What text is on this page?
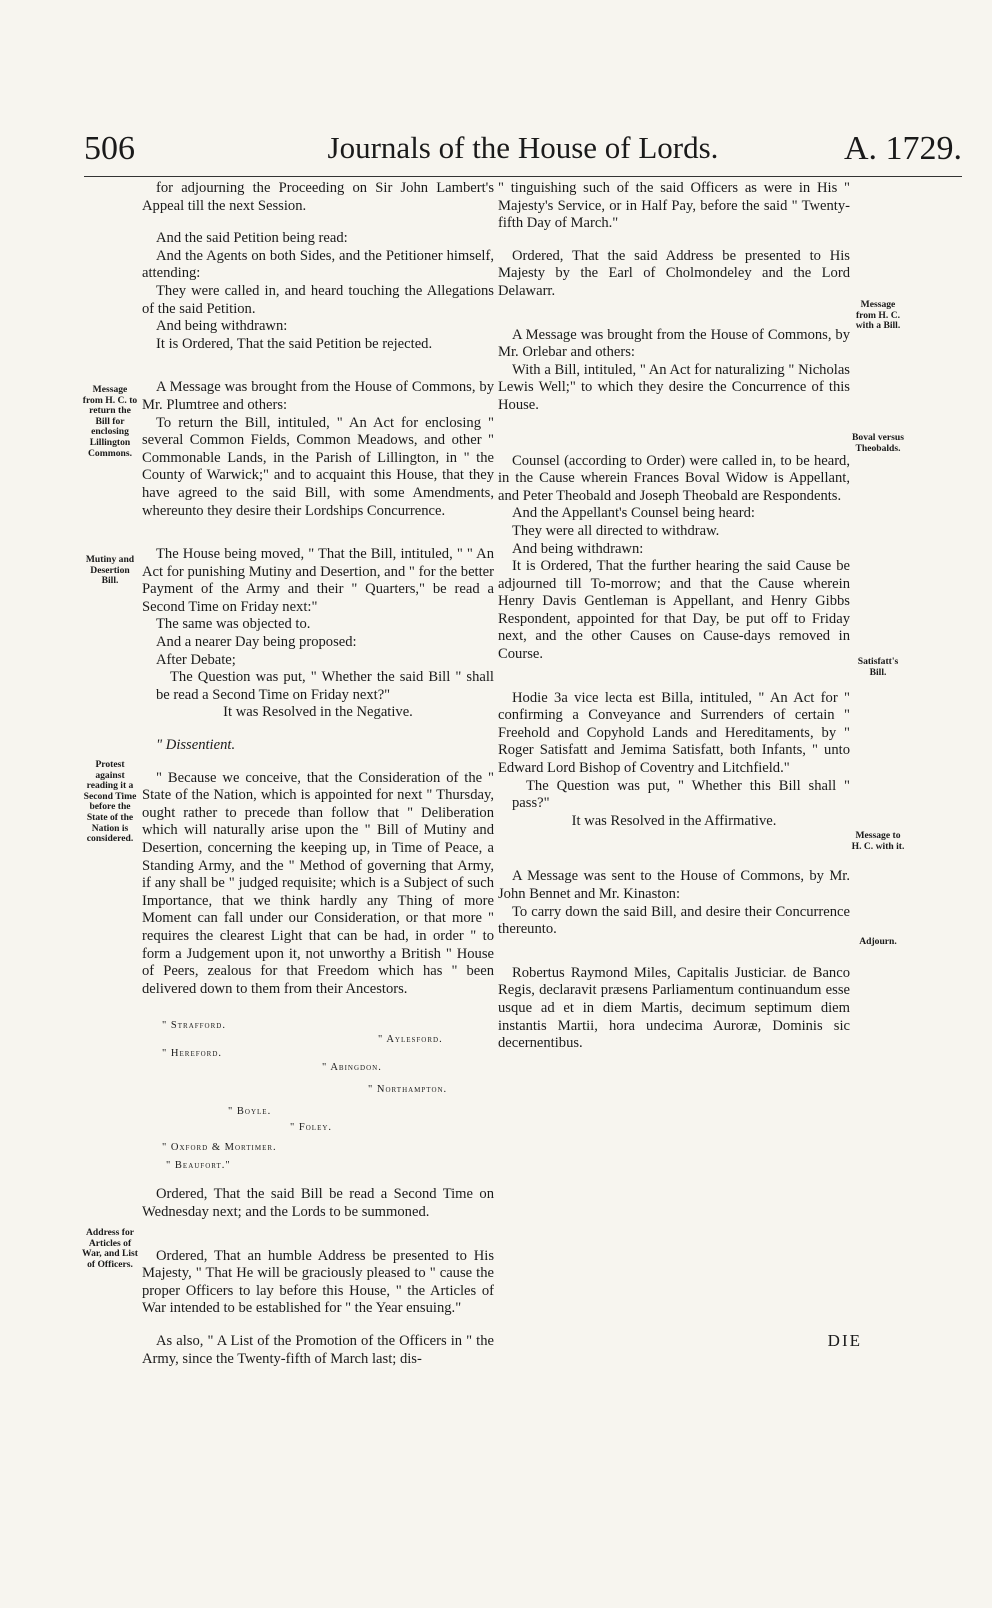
506	Journals of the House of Lords.	A. 1729.
Message from H. C. to return the Bill for enclosing Lillington Commons.
Mutiny and Desertion Bill.
Protest against reading it a Second Time before the State of the Nation is considered.
Address for Articles of War, and List of Officers.
Message from H. C. with a Bill.
Boval versus Theobalds.
Satisfatt's Bill.
Message to H. C. with it.
Adjourn.

for adjourning the Proceeding on Sir John Lambert's Appeal till the next Session.

And the said Petition being read:

And the Agents on both Sides, and the Petitioner himself, attending:

They were called in, and heard touching the Allegations of the said Petition.

And being withdrawn:

It is Ordered, That the said Petition be rejected.

A Message was brought from the House of Commons, by Mr. Plumtree and others:

To return the Bill, intituled, " An Act for enclosing " several Common Fields, Common Meadows, and other " Commonable Lands, in the Parish of Lillington, in " the County of Warwick;" and to acquaint this House, that they have agreed to the said Bill, with some Amendments, whereunto they desire their Lordships Concurrence.

The House being moved, " That the Bill, intituled, " " An Act for punishing Mutiny and Desertion, and " for the better Payment of the Army and their " Quarters," be read a Second Time on Friday next:"

The same was objected to.

And a nearer Day being proposed:

After Debate;

The Question was put, " Whether the said Bill " shall be read a Second Time on Friday next?"

It was Resolved in the Negative.

" Dissentient.

" Because we conceive, that the Consideration of the " State of the Nation, which is appointed for next " Thursday, ought rather to precede than follow that " Deliberation which will naturally arise upon the " Bill of Mutiny and Desertion, concerning the keeping up, in Time of Peace, a Standing Army, and the " Method of governing that Army, if any shall be " judged requisite; which is a Subject of such Importance, that we think hardly any Thing of more Moment can fall under our Consideration, or that more " requires the clearest Light that can be had, in order " to form a Judgement upon it, not unworthy a British " House of Peers, zealous for that Freedom which has " been delivered down to them from their Ancestors.

" Strafford.
" Aylesford.
" Hereford.
" Abingdon.
" Northampton.
" Boyle.
" Foley.
" Oxford & Mortimer.
" Beaufort."

Ordered, That the said Bill be read a Second Time on Wednesday next; and the Lords to be summoned.

Ordered, That an humble Address be presented to His Majesty, " That He will be graciously pleased to " cause the proper Officers to lay before this House, " the Articles of War intended to be established for " the Year ensuing."

As also, " A List of the Promotion of the Officers in " the Army, since the Twenty-fifth of March last; dis-

" tinguishing such of the said Officers as were in His " Majesty's Service, or in Half Pay, before the said " Twenty-fifth Day of March."

Ordered, That the said Address be presented to His Majesty by the Earl of Cholmondeley and the Lord Delawarr.

A Message was brought from the House of Commons, by Mr. Orlebar and others:

With a Bill, intituled, " An Act for naturalizing " Nicholas Lewis Well;" to which they desire the Concurrence of this House.

Counsel (according to Order) were called in, to be heard, in the Cause wherein Frances Boval Widow is Appellant, and Peter Theobald and Joseph Theobald are Respondents.

And the Appellant's Counsel being heard:

They were all directed to withdraw.

And being withdrawn:

It is Ordered, That the further hearing the said Cause be adjourned till To-morrow; and that the Cause wherein Henry Davis Gentleman is Appellant, and Henry Gibbs Respondent, appointed for that Day, be put off to Friday next, and the other Causes on Cause-days removed in Course.

Hodie 3a vice lecta est Billa, intituled, " An Act for " confirming a Conveyance and Surrenders of certain " Freehold and Copyhold Lands and Hereditaments, by " Roger Satisfatt and Jemima Satisfatt, both Infants, " unto Edward Lord Bishop of Coventry and Litchfield."

The Question was put, " Whether this Bill shall " pass?"

It was Resolved in the Affirmative.

A Message was sent to the House of Commons, by Mr. John Bennet and Mr. Kinaston:

To carry down the said Bill, and desire their Concurrence thereunto.

Robertus Raymond Miles, Capitalis Justiciar. de Banco Regis, declaravit præsens Parliamentum continuandum esse usque ad et in diem Martis, decimum septimum diem instantis Martii, hora undecima Auroræ, Dominis sic decernentibus.

DIE
